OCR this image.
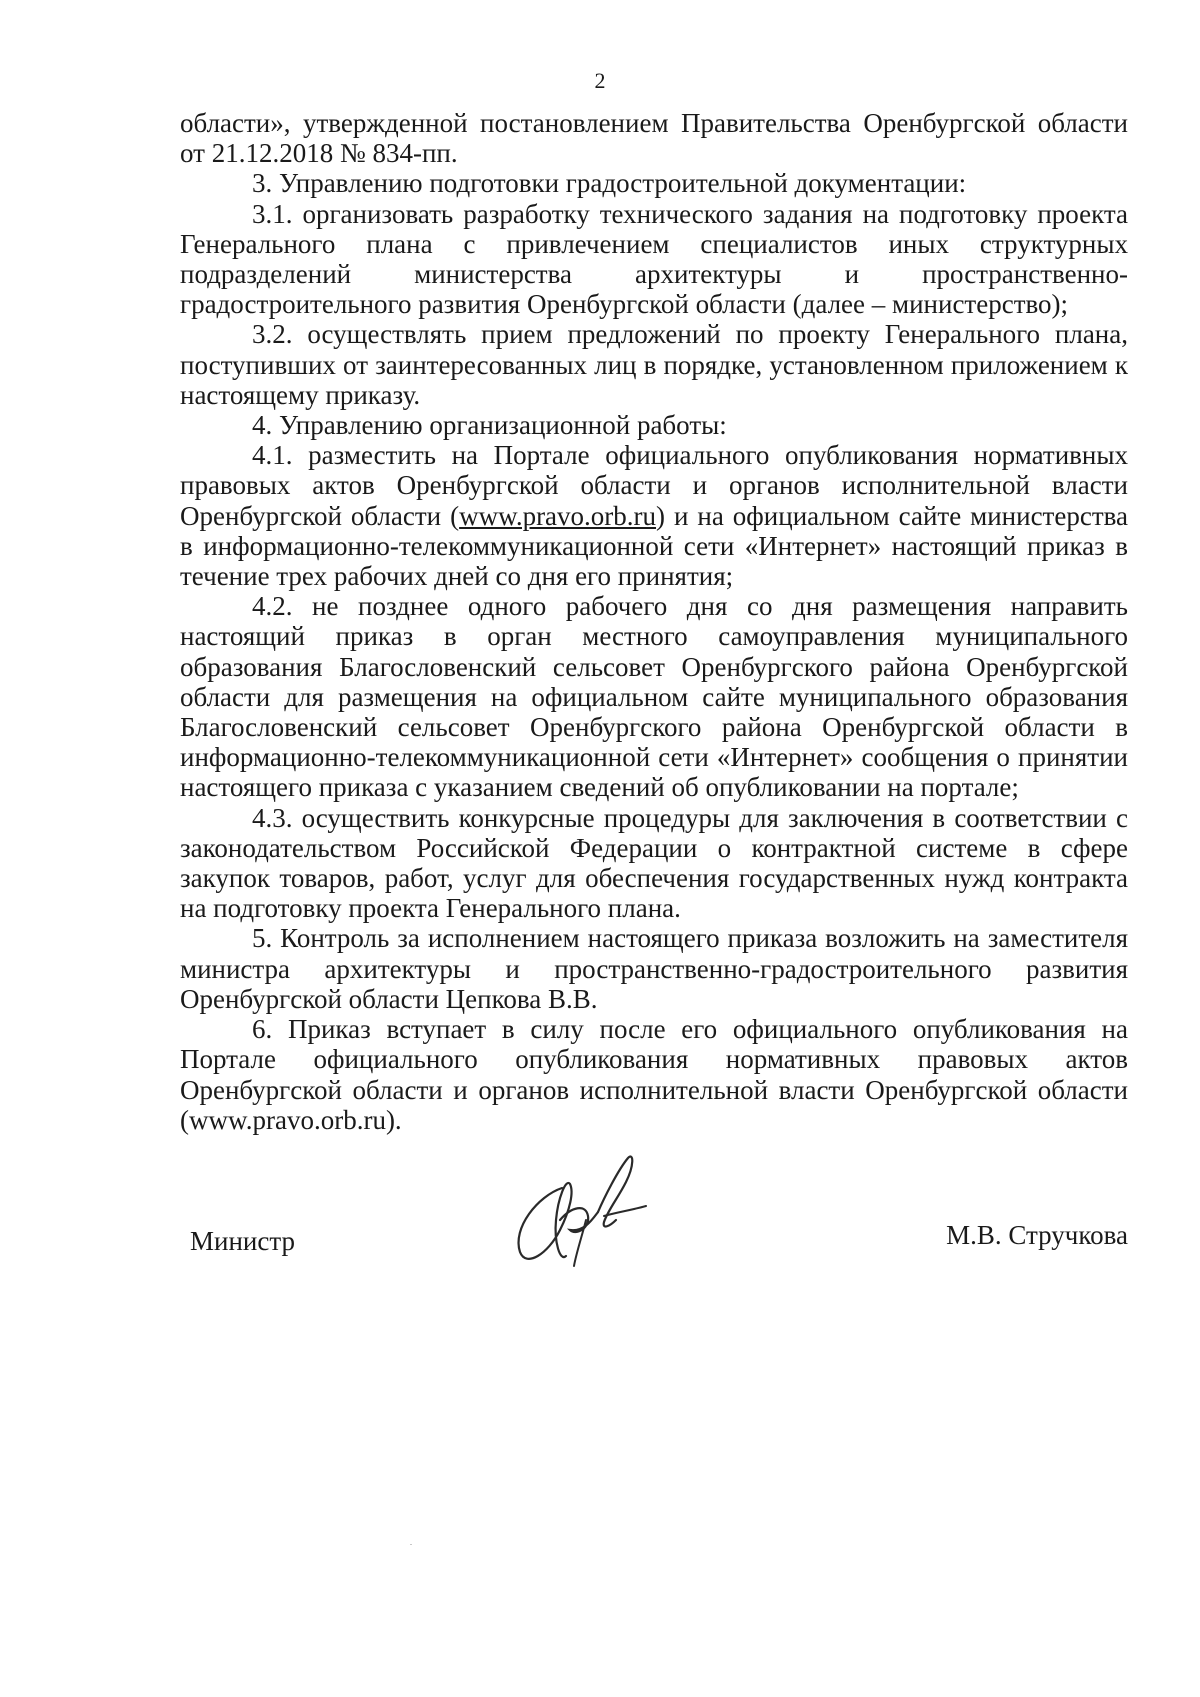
2

области», утвержденной постановлением Правительства Оренбургской области от 21.12.2018 № 834-пп.

3. Управлению подготовки градостроительной документации:

3.1. организовать разработку технического задания на подготовку проекта Генерального плана с привлечением специалистов иных структурных подразделений министерства архитектуры и пространственно-градостроительного развития Оренбургской области (далее – министерство);

3.2. осуществлять прием предложений по проекту Генерального плана, поступивших от заинтересованных лиц в порядке, установленном приложением к настоящему приказу.

4. Управлению организационной работы:

4.1. разместить на Портале официального опубликования нормативных правовых актов Оренбургской области и органов исполнительной власти Оренбургской области (www.pravo.orb.ru) и на официальном сайте министерства в информационно-телекоммуникационной сети «Интернет» настоящий приказ в течение трех рабочих дней со дня его принятия;

4.2. не позднее одного рабочего дня со дня размещения направить настоящий приказ в орган местного самоуправления муниципального образования Благословенский сельсовет Оренбургского района Оренбургской области для размещения на официальном сайте муниципального образования Благословенский сельсовет Оренбургского района Оренбургской области в информационно-телекоммуникационной сети «Интернет» сообщения о принятии настоящего приказа с указанием сведений об опубликовании на портале;

4.3. осуществить конкурсные процедуры для заключения в соответствии с законодательством Российской Федерации о контрактной системе в сфере закупок товаров, работ, услуг для обеспечения государственных нужд контракта на подготовку проекта Генерального плана.

5. Контроль за исполнением настоящего приказа возложить на заместителя министра архитектуры и пространственно-градостроительного развития Оренбургской области Цепкова В.В.

6. Приказ вступает в силу после его официального опубликования на Портале официального опубликования нормативных правовых актов Оренбургской области и органов исполнительной власти Оренбургской области (www.pravo.orb.ru).

Министр	М.В. Стручкова
